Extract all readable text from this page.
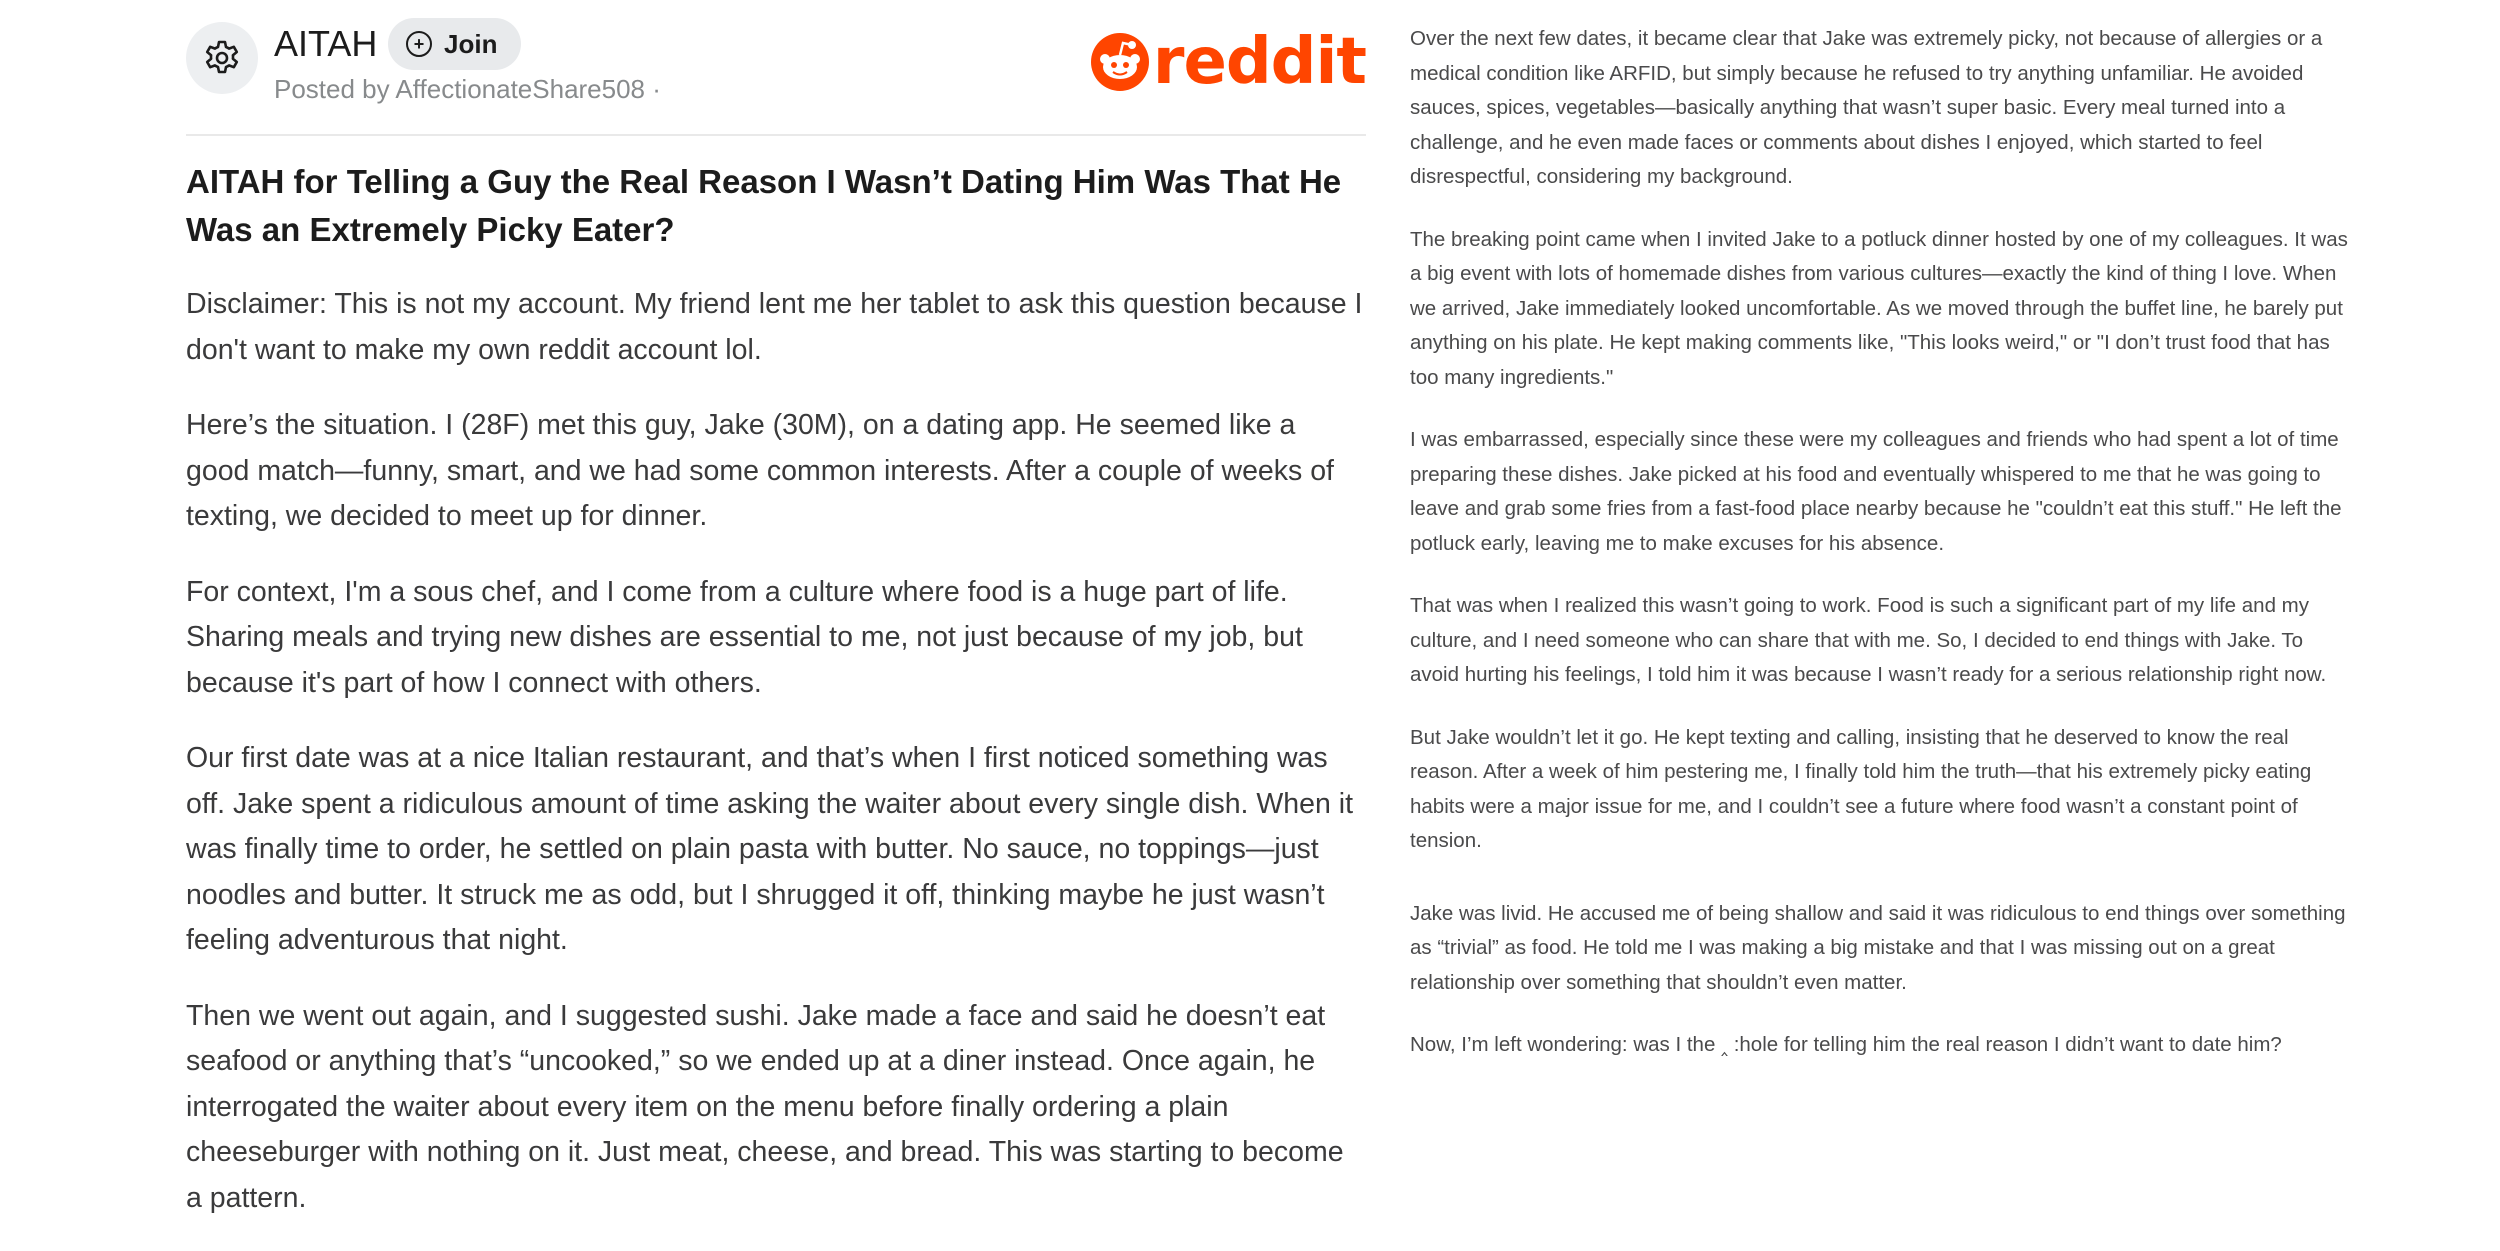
AITAH	+ Join
Posted by AffectionateShare508 ·	reddit
AITAH for Telling a Guy the Real Reason I Wasn’t Dating Him Was That He Was an Extremely Picky Eater?

Disclaimer: This is not my account. My friend lent me her tablet to ask this question because I don't want to make my own reddit account lol.

Here’s the situation. I (28F) met this guy, Jake (30M), on a dating app. He seemed like a good match—funny, smart, and we had some common interests. After a couple of weeks of texting, we decided to meet up for dinner.

For context, I'm a sous chef, and I come from a culture where food is a huge part of life. Sharing meals and trying new dishes are essential to me, not just because of my job, but because it's part of how I connect with others.

Our first date was at a nice Italian restaurant, and that’s when I first noticed something was off. Jake spent a ridiculous amount of time asking the waiter about every single dish. When it was finally time to order, he settled on plain pasta with butter. No sauce, no toppings—just noodles and butter. It struck me as odd, but I shrugged it off, thinking maybe he just wasn’t feeling adventurous that night.

Then we went out again, and I suggested sushi. Jake made a face and said he doesn’t eat seafood or anything that’s “uncooked,” so we ended up at a diner instead. Once again, he interrogated the waiter about every item on the menu before finally ordering a plain cheeseburger with nothing on it. Just meat, cheese, and bread. This was starting to become a pattern.

Over the next few dates, it became clear that Jake was extremely picky, not because of allergies or a medical condition like ARFID, but simply because he refused to try anything unfamiliar. He avoided sauces, spices, vegetables—basically anything that wasn’t super basic. Every meal turned into a challenge, and he even made faces or comments about dishes I enjoyed, which started to feel disrespectful, considering my background.

The breaking point came when I invited Jake to a potluck dinner hosted by one of my colleagues. It was a big event with lots of homemade dishes from various cultures—exactly the kind of thing I love. When we arrived, Jake immediately looked uncomfortable. As we moved through the buffet line, he barely put anything on his plate. He kept making comments like, "This looks weird," or "I don’t trust food that has too many ingredients."

I was embarrassed, especially since these were my colleagues and friends who had spent a lot of time preparing these dishes. Jake picked at his food and eventually whispered to me that he was going to leave and grab some fries from a fast-food place nearby because he "couldn’t eat this stuff." He left the potluck early, leaving me to make excuses for his absence.

That was when I realized this wasn’t going to work. Food is such a significant part of my life and my culture, and I need someone who can share that with me. So, I decided to end things with Jake. To avoid hurting his feelings, I told him it was because I wasn’t ready for a serious relationship right now.

But Jake wouldn’t let it go. He kept texting and calling, insisting that he deserved to know the real reason. After a week of him pestering me, I finally told him the truth—that his extremely picky eating habits were a major issue for me, and I couldn’t see a future where food wasn’t a constant point of tension.

Jake was livid. He accused me of being shallow and said it was ridiculous to end things over something as “trivial” as food. He told me I was making a big mistake and that I was missing out on a great relationship over something that shouldn’t even matter.

Now, I’m left wondering: was I the ‸ :hole for telling him the real reason I didn’t want to date him?
